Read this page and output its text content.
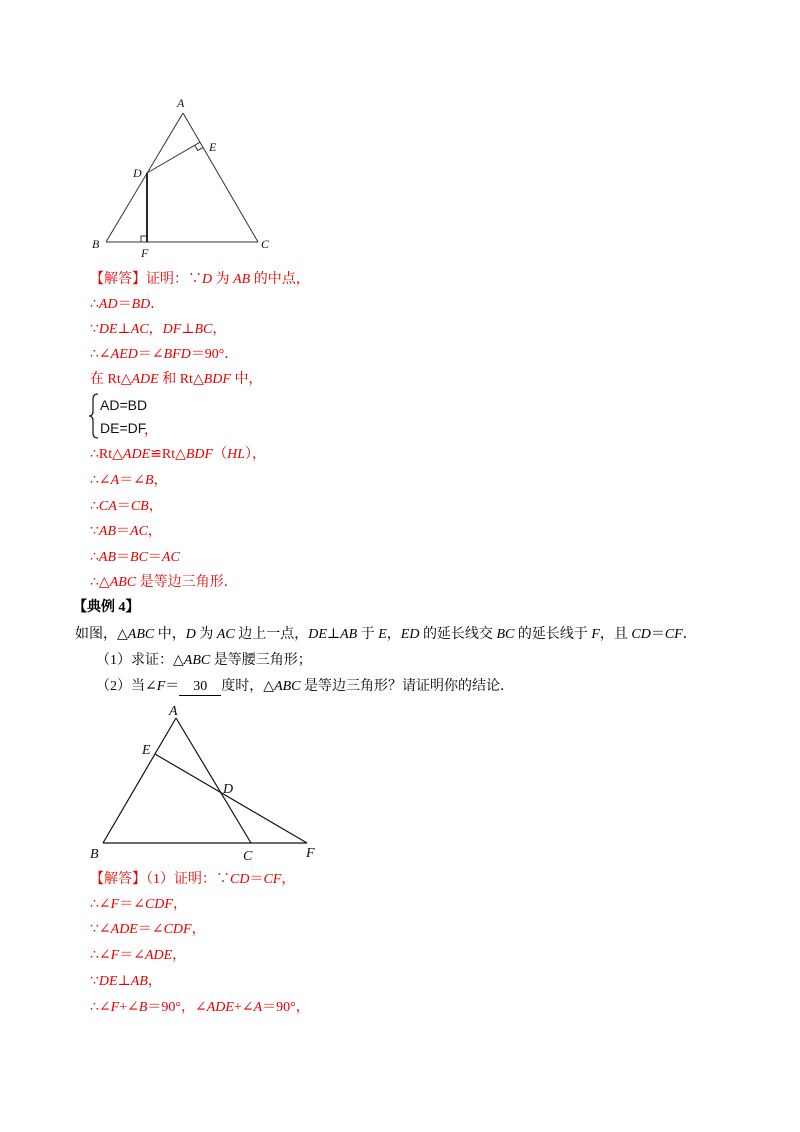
A
B	C
D
E
F
【解答】证明：∵D 为 AB 的中点，
∴AD＝BD．
∵DE⊥AC，DF⊥BC，
∴∠AED＝∠BFD＝90°．
在 Rt△ADE 和 Rt△BDF 中，
AD=BD
DE=DF
，
∴Rt△ADE≌Rt△BDF（HL），
∴∠A＝∠B，
∴CA＝CB，
∵AB＝AC，
∴AB＝BC＝AC
∴△ABC 是等边三角形．
【典例 4】
如图，△ABC 中，D 为 AC 边上一点，DE⊥AB 于 E，ED 的延长线交 BC 的延长线于 F，且 CD＝CF．
（1）求证：△ABC 是等腰三角形；
（2）当∠F＝ 30 度时，△ABC 是等边三角形？请证明你的结论．
A
E
D
B	C	F
【解答】（1）证明：∵CD＝CF，
∴∠F＝∠CDF，
∵∠ADE＝∠CDF，
∴∠F＝∠ADE，
∵DE⊥AB，
∴∠F+∠B＝90°，∠ADE+∠A＝90°，
